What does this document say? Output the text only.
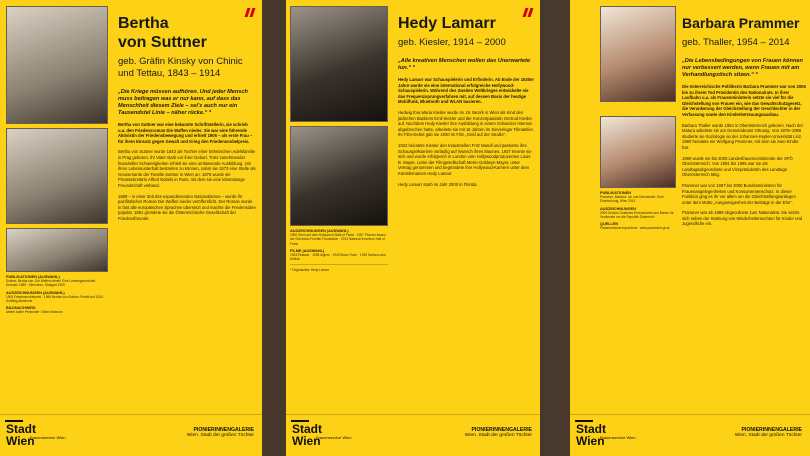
PUBLIKATIONEN (AUSWAHL)
Suttner, Bertha von: Die Waffen nieder! Eine Lebensgeschichte, Dresden 1889 · Memoiren, Stuttgart 1909
AUSZEICHNUNGEN (AUSWAHL)
1905 Friedensnobelpreis · 1966 Bertha-von-Suttner-Porträt auf 1000-Schilling-Banknote
BILDNACHWEIS
Atelier Adele Perlmutter / Wien Museum
Bertha
von Suttner
geb. Gräfin Kinsky von Chinic und Tettau, 1843 – 1914
„Die Kriege müssen aufhören. Und jeder Mensch muss beitragen was er nur kann, auf dass das Menschheit diesem Ziele – sei's auch nur ein Tausendstel Linie – näher rücke.“ *
Bertha von Suttner war eine bekannte Schriftstellerin, sie schrieb u.a. den Friedensroman Die Waffen nieder. Sie war eine führende Aktivistin der Friedensbewegung und erhielt 1905 – als erste Frau – für ihren Einsatz gegen Gewalt und Krieg den Friedensnobelpreis.
Bertha von Suttner wurde 1843 als Tochter einer böhmischen Adelsfamilie in Prag geboren. Ihr Vater starb vor ihrer Geburt. Trotz zunehmender finanzieller Schwierigkeiten erhielt sie eine umfassende Ausbildung. Um ihren Lebensunterhalt bestreiten zu können, nahm sie 1873 eine Stelle als Gouvernante der Familie Suttner in Wien an. 1875 wurde sie Privatsekretärin Alfred Nobels in Paris, mit dem sie eine lebenslange Freundschaft verband.
1889 – in einer Zeit des expandierenden Nationalismus – wurde ihr pazifistischer Roman Die Waffen nieder veröffentlicht. Der Roman wurde in fast alle europäischen Sprachen übersetzt und machte die Friedensidee populär. 1891 gründete sie die Österreichische Gesellschaft der Friedensfreunde.
Stadt
Wien
Frauenservice Wien
PIONIERINNENGALERIE
Wien. Stadt der großen Töchter
AUSZEICHNUNGEN (AUSWAHL)
1960 Stern auf dem Hollywood Walk of Fame · 1997 Pioneer Award der Electronic Frontier Foundation · 2014 National Inventors Hall of Fame
FILME (AUSWAHL)
1933 Ekstase · 1938 Algiers · 1940 Boom Town · 1949 Samson and Delilah
* Originalzitat: Hedy Lamarr
Hedy Lamarr
geb. Kiesler, 1914 – 2000
„Alle kreativen Menschen wollen das Unerwartete tun.“ *
Hedy Lamarr war Schauspielerin und Erfinderin. Ab Ende der 1930er Jahre wurde sie eine international erfolgreiche Hollywood-Schauspielerin. Während des Zweiten Weltkrieges entwickelte sie das Frequenzsprungverfahren mit, auf dessen Basis der heutige Mobilfunk, Bluetooth und WLAN basieren.
Hedwig Eva Maria Kiesler wurde im 19. Bezirk in Wien als Kind des jüdischen Bankiers Emil Kiesler und der Konzertpianistin Gertrud Kiesler auf. Nachdem Hedy Kiesler ihre Ausbildung in einem Schweizer Internat abgebrochen hatte, arbeitete sie mit 16 Jahren im Sieveringer Filmatelier. Ihr Film-Debüt gab sie 1930 im Film „Geld auf der Straße“.
1933 heiratete Kiesler den Industriellen Fritz Mandl und passierte ihre Schauspielkarriere vorläufig auf Wunsch ihres Mannes. 1937 trennte sie sich und wurde erfolgreich in London vom Hollywoodproduzenten Louis B. Mayer, Leiter der Filmgesellschaft Metro-Goldwyn-Mayer, unter Vertrag genommen und begründete ihre Hollywood-Karriere unter dem Künstlernamen Hedy Lamarr.
Hedy Lamarr starb im Jahr 2000 in Florida.
Stadt
Wien
Frauenservice Wien
PIONIERINNENGALERIE
Wien. Stadt der großen Töchter
PUBLIKATIONEN
Prammer, Barbara: Ich und Demokratie. Eine Einmischung, Wien 2013
AUSZEICHNUNGEN
2009 Großes Goldenes Ehrenzeichen am Bande für Verdienste um die Republik Österreich
QUELLEN
Parlamentskorrespondenz · www.parlament.gv.at
Barbara Prammer
geb. Thaller, 1954 – 2014
„Die Lebensbedingungen von Frauen können nur verbessert werden, wenn Frauen mit am Verhandlungstisch sitzen.“ *
Die österreichische Politikerin Barbara Prammer war von 2006 bis zu ihrem Tod Präsidentin des Nationalrats. In ihrer Laufbahn u.a. als Frauenministerin setzte sie viel für die Gleichstellung von Frauen ein, wie das Gewaltschutzgesetz, die Verankerung der Gleichstellung der Geschlechter in der Verfassung sowie den Kinderbetreuungsausbau.
Barbara Thaller wurde 1954 in Oberösterreich geboren. Nach der Matura arbeitete sie am Gemeindeamt Ottnang. Von 1978–1986 studierte sie Soziologie an der Johannes-Kepler-Universität Linz. 1980 heiratete sie Wolfgang Prammer, mit dem sie zwei Kinder hat.
1990 wurde sie bis 2005 Landesfrauenvorsitzende der SPÖ Oberösterreich. Von 1991 bis 1995 war sie als Landtagsabgeordnete und Vizepräsidentin des Landtags Oberösterreich tätig.
Prammer war von 1997 bis 2000 Bundesministerin für Frauenangelegenheiten und Konsumentenschutz. In dieser Funktion ging es ihr vor allem um die Gleichstellungsanliegen unter dem Motto „Ausgewogenheit der Beiträge in der Ehe“.
Prammer war ab 1999 Abgeordnete zum Nationalrat. Sie setzte sich neben der Stärkung von Minderheitenrechten für Kinder und Jugendliche ein.
Stadt
Wien
Frauenservice Wien
PIONIERINNENGALERIE
Wien. Stadt der großen Töchter
